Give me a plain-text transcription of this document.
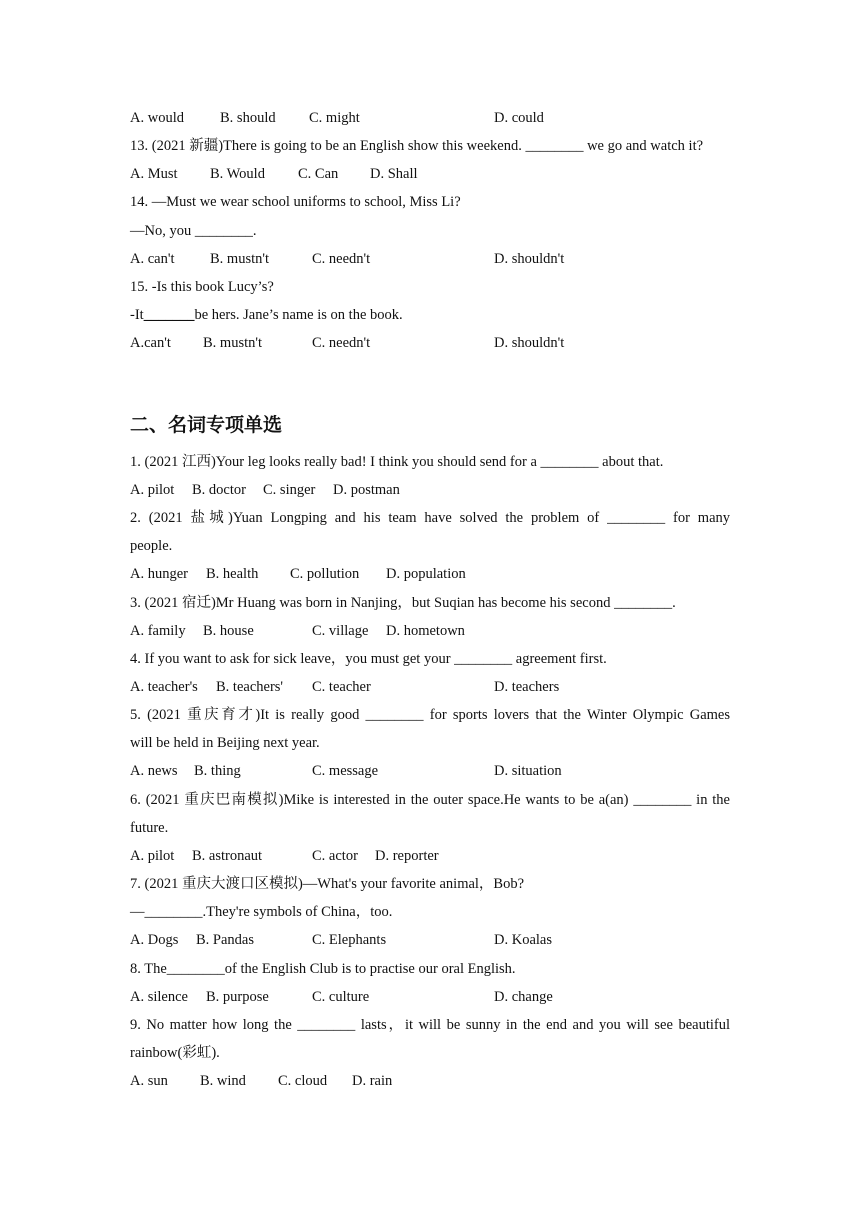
A. would B. should C. might	D. could
13. (2021 新疆)There is going to be an English show this weekend. ________ we go and watch it?
A. Must B. Would C. Can D. Shall
14. —Must we wear school uniforms to school, Miss Li?
—No, you ________.
A. can't B. mustn't	C. needn't	D. shouldn't
15. -Is this book Lucy’s?
-It_______be hers. Jane’s name is on the book.
A.can't B. mustn't	C. needn't	D. shouldn't
二、名词专项单选
1. (2021 江西)Your leg looks really bad! I think you should send for a ________ about that.
A. pilot B. doctor C. singer D. postman
2. (2021 盐城)Yuan Longping and his team have solved the problem of ________ for many
people.
A. hunger B. health C. pollution D. population
3. (2021 宿迁)Mr Huang was born in Nanjing，but Suqian has become his second ________.
A. family B. house	C. village D. hometown
4. If you want to ask for sick leave，you must get your ________ agreement first.
A. teacher's B. teachers' C. teacher	D. teachers
5. (2021 重庆育才)It is really good ________ for sports lovers that the Winter Olympic Games
will be held in Beijing next year.
A. news B. thing	C. message	D. situation
6. (2021 重庆巴南模拟)Mike is interested in the outer space.He wants to be a(an) ________ in the
future.
A. pilot B. astronaut	C. actor D. reporter
7. (2021 重庆大渡口区模拟)—What's your favorite animal，Bob?
—________.They're symbols of China，too.
A. Dogs B. Pandas	C. Elephants	D. Koalas
8. The________of the English Club is to practise our oral English.
A. silence B. purpose	C. culture	D. change
9. No matter how long the ________ lasts，it will be sunny in the end and you will see beautiful
rainbow(彩虹).
A. sun B. wind C. cloud D. rain
